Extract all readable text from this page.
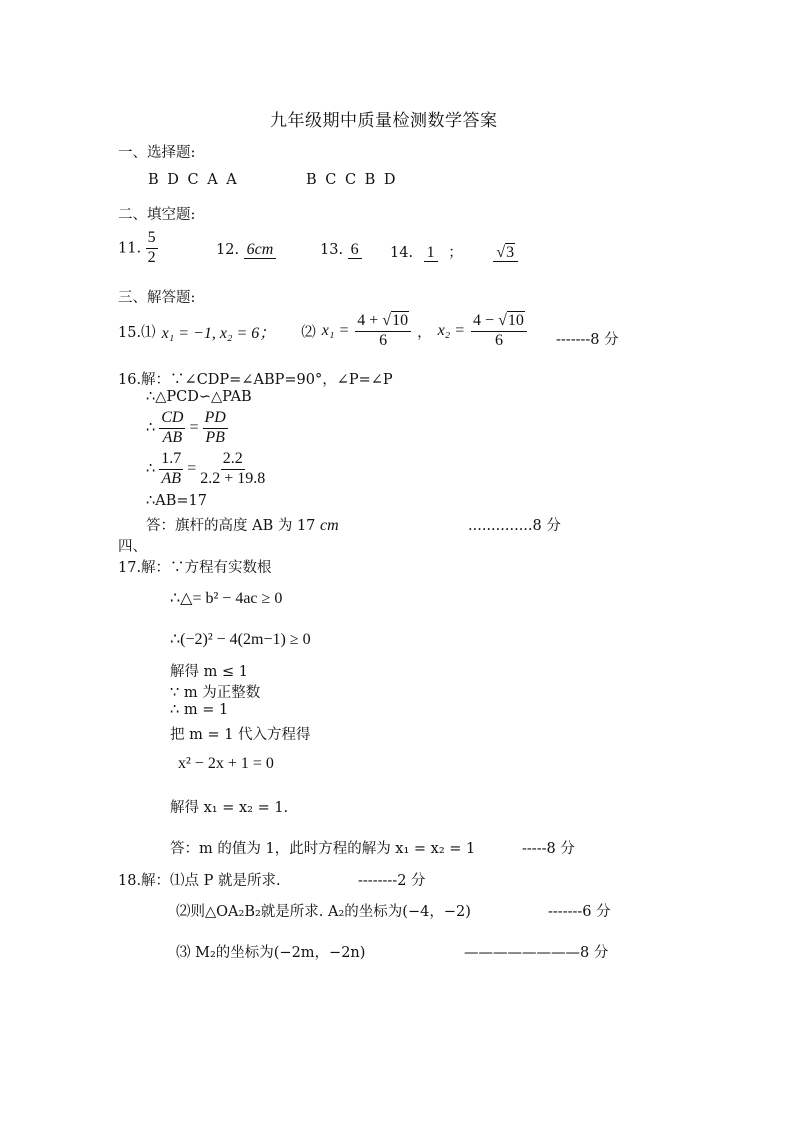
九年级期中质量检测数学答案
一、选择题:
B D C A A	B C C B D
二、填空题:
11. $\frac{5}{2}$	12. 6cm	13. 6 14. 1 ； √3
三、解答题:
15.⑴ x₁ = −1, x₂ = 6； ⑵ $x_1 = \frac{4 + √10}{6}$ ， $x_2 = \frac{4 - √10}{6} -------8$ 分
16.解：∵∠CDP=∠ABP=90°，∠P=∠P
∴△PCD∽△PAB
∴ $\frac{CD}{AB} = \frac{PD}{PB}$
∴ $\frac{1.7}{AB} = \frac{2.2}{2.2 + 19.8}$
∴AB=17
答：旗杆的高度 AB 为 17 cm	..............8 分
四、
17.解：∵方程有实数根
∴△= b² − 4ac ≥ 0
∴(−2)² − 4(2m−1) ≥ 0
解得 m ≤ 1
∵ m 为正整数
∴ m = 1
把 m = 1 代入方程得
x² − 2x + 1 = 0
解得 x₁ = x₂ = 1.
答：m 的值为 1，此时方程的解为 x₁ = x₂ = 1	-----8 分
18.解：⑴点 P 就是所求.	--------2 分
⑵则△OA₂B₂就是所求. A₂的坐标为(−4，−2)	-------6 分
⑶ M₂的坐标为(−2m，−2n)	————————8 分
